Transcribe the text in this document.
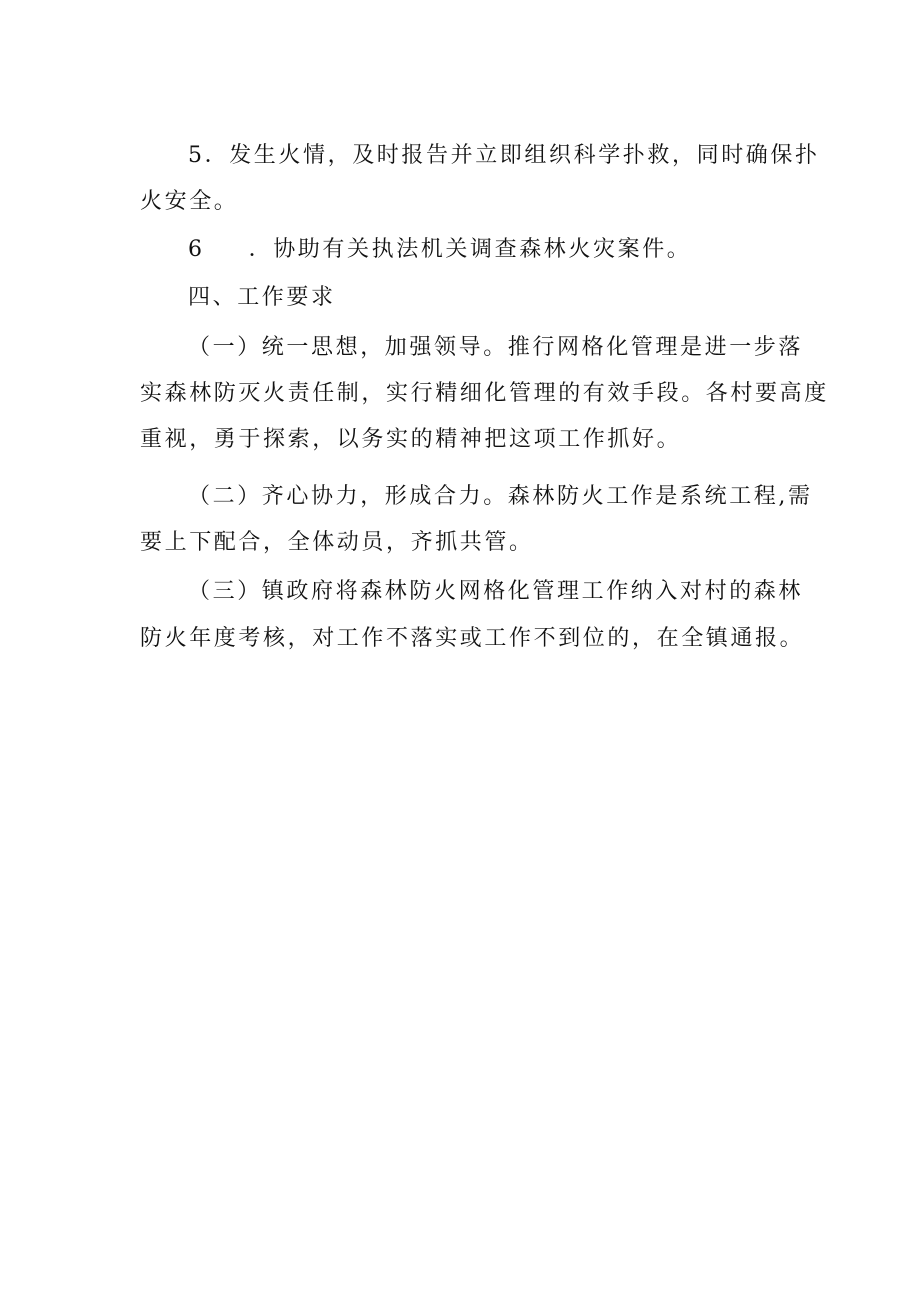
5．发生火情，及时报告并立即组织科学扑救，同时确保扑
火安全。
6 ．协助有关执法机关调查森林火灾案件。
四、工作要求
（一）统一思想，加强领导。推行网格化管理是进一步落
实森林防灭火责任制，实行精细化管理的有效手段。各村要高度
重视，勇于探索，以务实的精神把这项工作抓好。
（二）齐心协力，形成合力。森林防火工作是系统工程,需
要上下配合，全体动员，齐抓共管。
（三）镇政府将森林防火网格化管理工作纳入对村的森林
防火年度考核，对工作不落实或工作不到位的，在全镇通报。
